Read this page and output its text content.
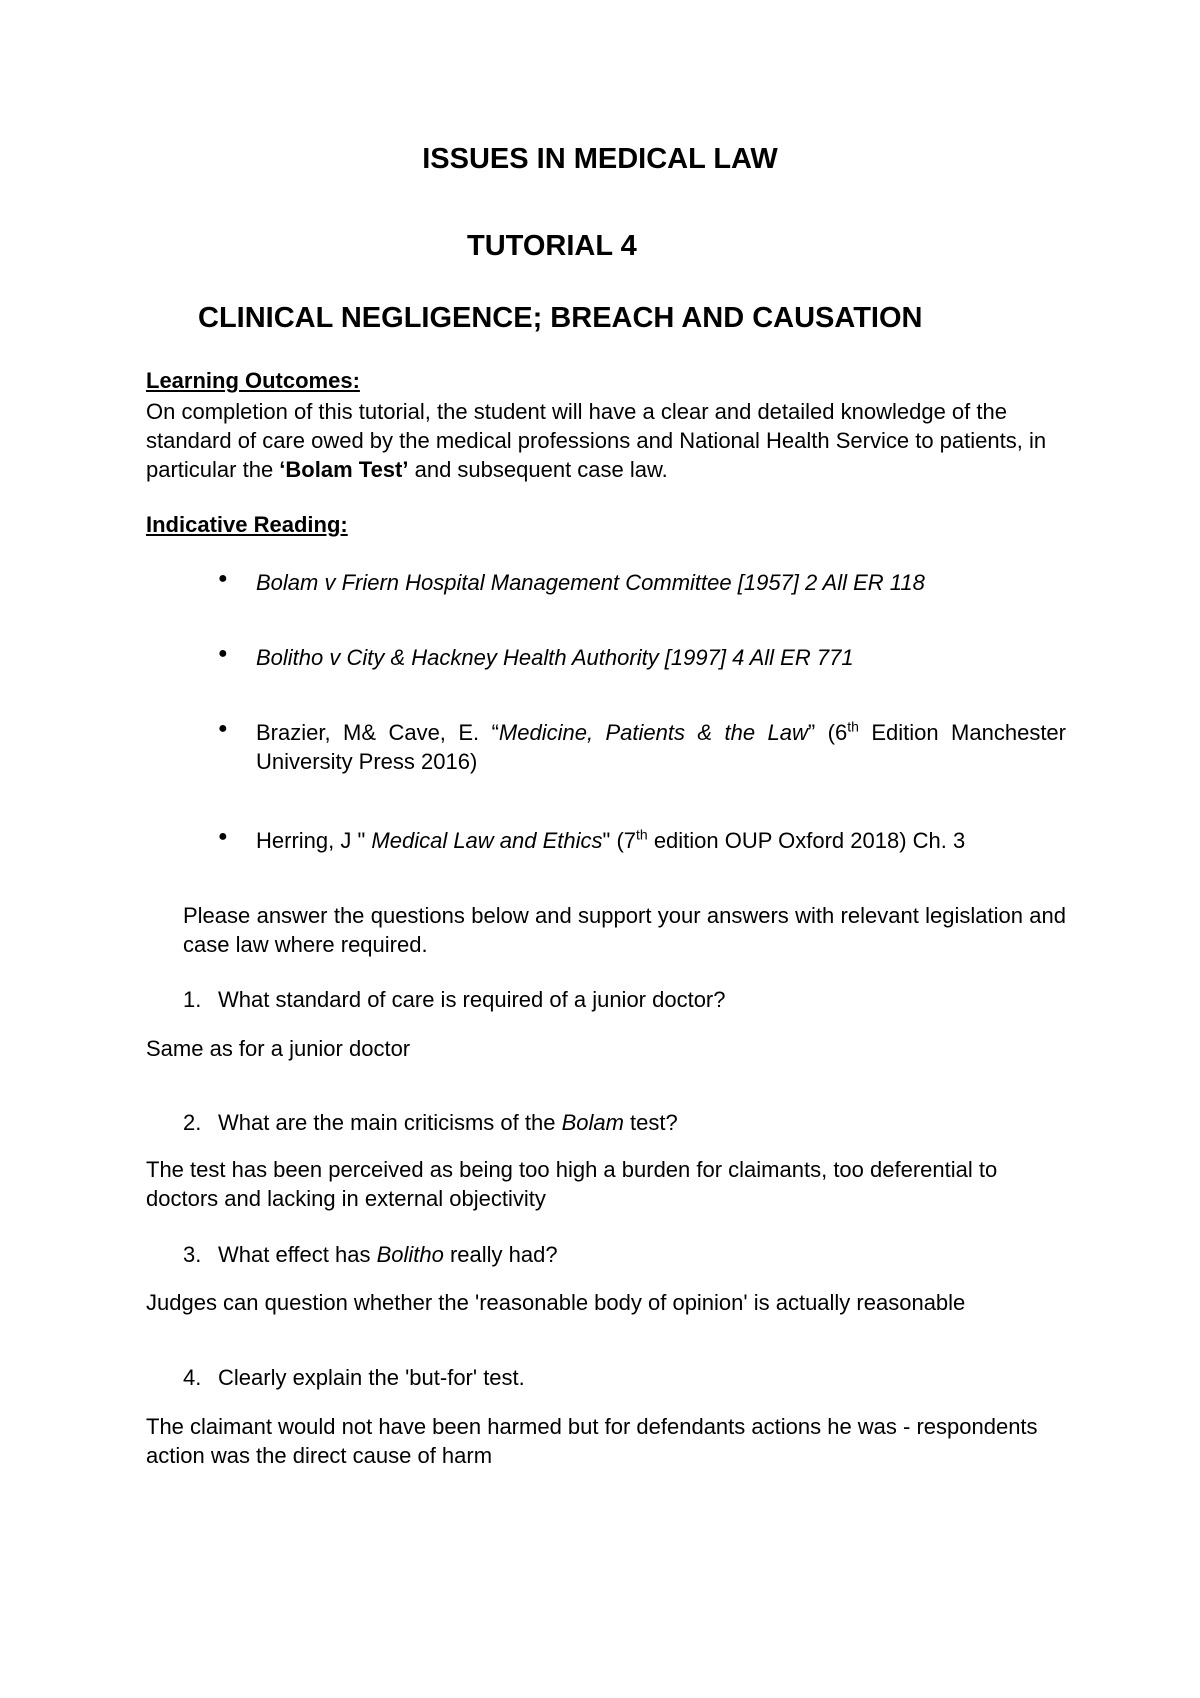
ISSUES IN MEDICAL LAW
TUTORIAL 4
CLINICAL NEGLIGENCE; BREACH AND CAUSATION
Learning Outcomes:
On completion of this tutorial, the student will have a clear and detailed knowledge of the standard of care owed by the medical professions and National Health Service to patients, in particular the ‘Bolam Test’ and subsequent case law.
Indicative Reading:
● Bolam v Friern Hospital Management Committee [1957] 2 All ER 118
● Bolitho v City & Hackney Health Authority [1997] 4 All ER 771
● Brazier, M& Cave, E. “Medicine, Patients & the Law” (6th Edition Manchester University Press 2016)
● Herring, J " Medical Law and Ethics" (7th edition OUP Oxford 2018) Ch. 3
Please answer the questions below and support your answers with relevant legislation and case law where required.
1. What standard of care is required of a junior doctor?
Same as for a junior doctor
2. What are the main criticisms of the Bolam test?
The test has been perceived as being too high a burden for claimants, too deferential to doctors and lacking in external objectivity
3. What effect has Bolitho really had?
Judges can question whether the 'reasonable body of opinion' is actually reasonable
4. Clearly explain the 'but-for' test.
The claimant would not have been harmed but for defendants actions he was - respondents action was the direct cause of harm
